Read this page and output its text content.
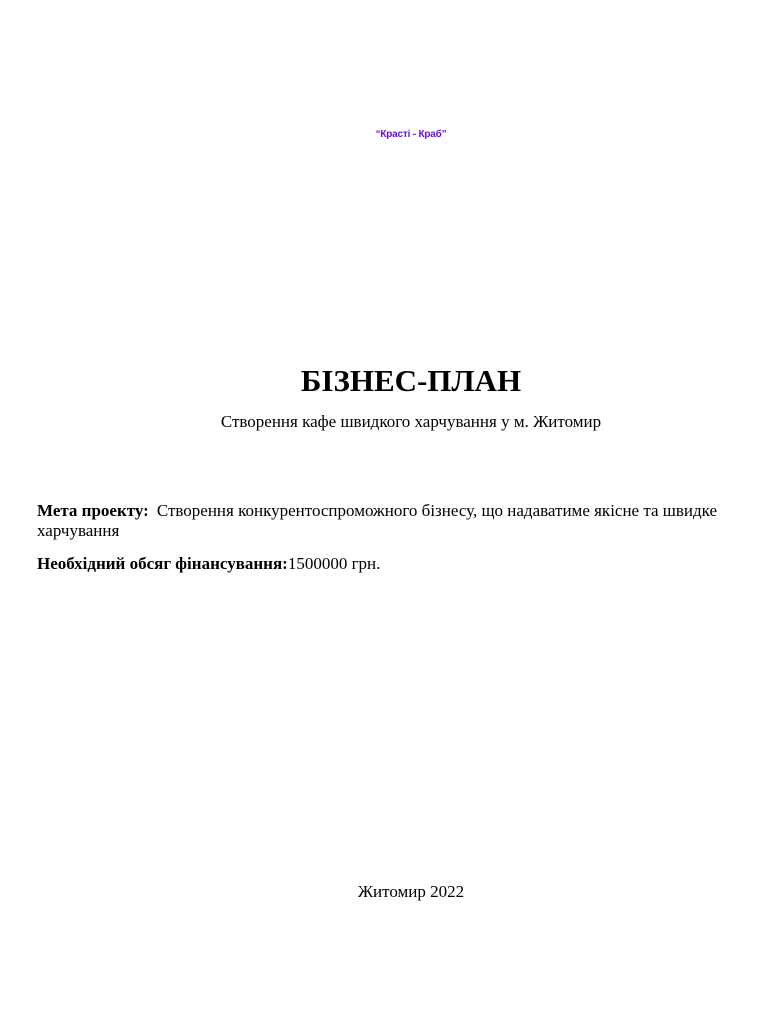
“Красті - Краб”
БІЗНЕС-ПЛАН
Створення кафе швидкого харчування у м. Житомир
Мета проекту: Створення конкурентоспроможного бізнесу, що надаватиме якісне та швидке харчування
Необхідний обсяг фінансування:1500000 грн.
Житомир 2022
